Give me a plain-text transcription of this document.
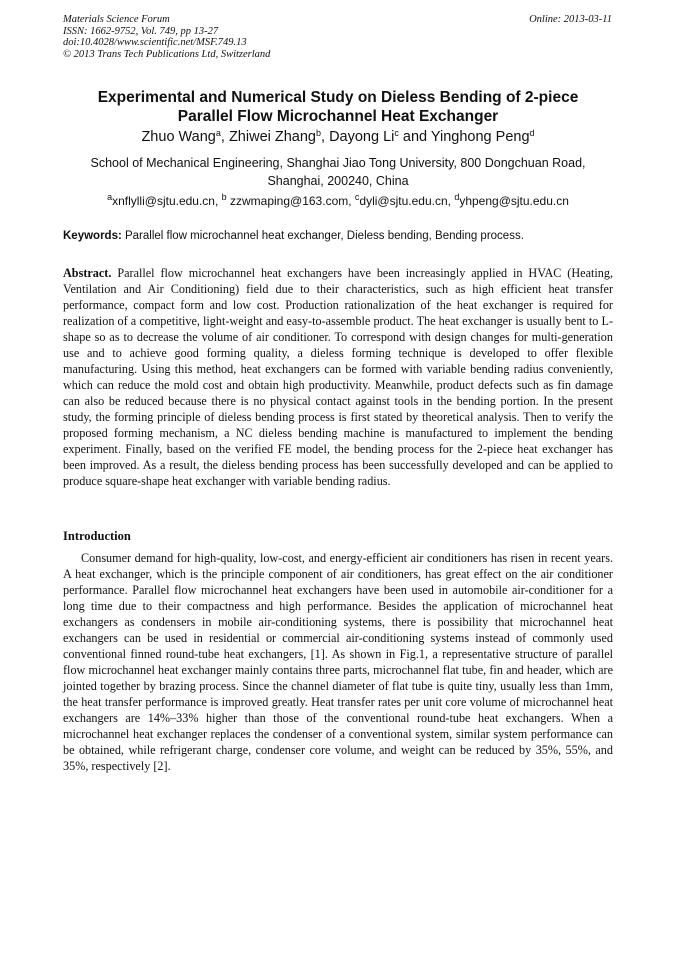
Materials Science Forum
ISSN: 1662-9752, Vol. 749, pp 13-27
doi:10.4028/www.scientific.net/MSF.749.13
© 2013 Trans Tech Publications Ltd, Switzerland
Online: 2013-03-11
Experimental and Numerical Study on Dieless Bending of 2-piece
Parallel Flow Microchannel Heat Exchanger
Zhuo Wang$^a$, Zhiwei Zhang$^b$, Dayong Li$^c$ and Yinghong Peng$^d$
School of Mechanical Engineering, Shanghai Jiao Tong University, 800 Dongchuan Road, Shanghai, 200240, China
$^a$xnflylli@sjtu.edu.cn, $^b$ zzwmaping@163.com, $^c$dyli@sjtu.edu.cn, $^d$yhpeng@sjtu.edu.cn
Keywords: Parallel flow microchannel heat exchanger, Dieless bending, Bending process.

Abstract. Parallel flow microchannel heat exchangers have been increasingly applied in HVAC (Heating, Ventilation and Air Conditioning) field due to their characteristics, such as high efficient heat transfer performance, compact form and low cost. Production rationalization of the heat exchanger is required for realization of a competitive, light-weight and easy-to-assemble product. The heat exchanger is usually bent to L-shape so as to decrease the volume of air conditioner. To correspond with design changes for multi-generation use and to achieve good forming quality, a dieless forming technique is developed to offer flexible manufacturing. Using this method, heat exchangers can be formed with variable bending radius conveniently, which can reduce the mold cost and obtain high productivity. Meanwhile, product defects such as fin damage can also be reduced because there is no physical contact against tools in the bending portion. In the present study, the forming principle of dieless bending process is first stated by theoretical analysis. Then to verify the proposed forming mechanism, a NC dieless bending machine is manufactured to implement the bending experiment. Finally, based on the verified FE model, the bending process for the 2-piece heat exchanger has been improved. As a result, the dieless bending process has been successfully developed and can be applied to produce square-shape heat exchanger with variable bending radius.

Introduction

Consumer demand for high-quality, low-cost, and energy-efficient air conditioners has risen in recent years. A heat exchanger, which is the principle component of air conditioners, has great effect on the air conditioner performance. Parallel flow microchannel heat exchangers have been used in automobile air-conditioner for a long time due to their compactness and high performance. Besides the application of microchannel heat exchangers as condensers in mobile air-conditioning systems, there is possibility that microchannel heat exchangers can be used in residential or commercial air-conditioning systems instead of commonly used conventional finned round-tube heat exchangers, [1]. As shown in Fig.1, a representative structure of parallel flow microchannel heat exchanger mainly contains three parts, microchannel flat tube, fin and header, which are jointed together by brazing process. Since the channel diameter of flat tube is quite tiny, usually less than 1mm, the heat transfer performance is improved greatly. Heat transfer rates per unit core volume of microchannel heat exchangers are 14%–33% higher than those of the conventional round-tube heat exchangers. When a microchannel heat exchanger replaces the condenser of a conventional system, similar system performance can be obtained, while refrigerant charge, condenser core volume, and weight can be reduced by 35%, 55%, and 35%, respectively [2].
